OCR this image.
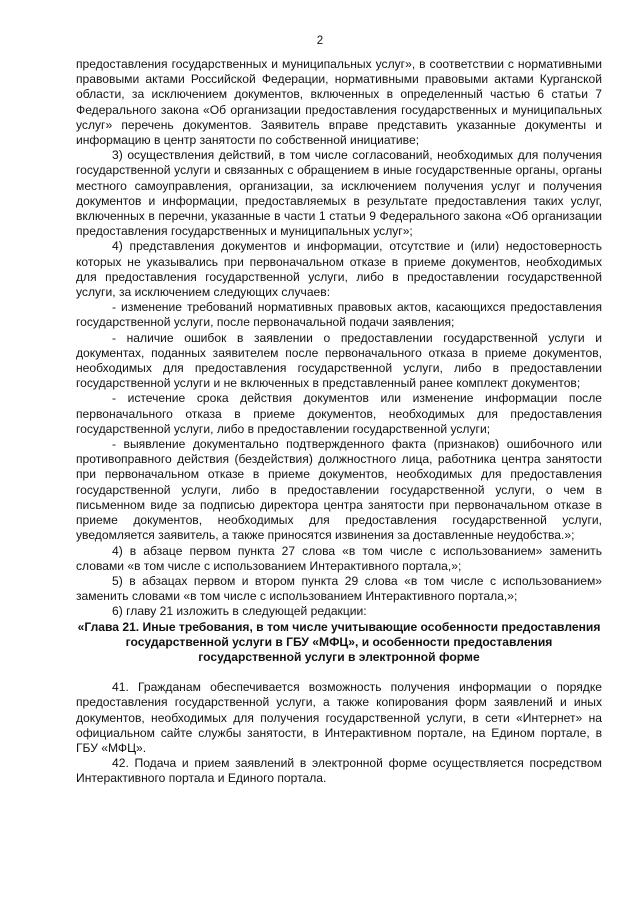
2

предоставления государственных и муниципальных услуг», в соответствии с нормативными правовыми актами Российской Федерации, нормативными правовыми актами Курганской области, за исключением документов, включенных в определенный частью 6 статьи 7 Федерального закона «Об организации предоставления государственных и муниципальных услуг» перечень документов. Заявитель вправе представить указанные документы и информацию в центр занятости по собственной инициативе;

3) осуществления действий, в том числе согласований, необходимых для получения государственной услуги и связанных с обращением в иные государственные органы, органы местного самоуправления, организации, за исключением получения услуг и получения документов и информации, предоставляемых в результате предоставления таких услуг, включенных в перечни, указанные в части 1 статьи 9 Федерального закона «Об организации предоставления государственных и муниципальных услуг»;

4) представления документов и информации, отсутствие и (или) недостоверность которых не указывались при первоначальном отказе в приеме документов, необходимых для предоставления государственной услуги, либо в предоставлении государственной услуги, за исключением следующих случаев:

- изменение требований нормативных правовых актов, касающихся предоставления государственной услуги, после первоначальной подачи заявления;

- наличие ошибок в заявлении о предоставлении государственной услуги и документах, поданных заявителем после первоначального отказа в приеме документов, необходимых для предоставления государственной услуги, либо в предоставлении государственной услуги и не включенных в представленный ранее комплект документов;

- истечение срока действия документов или изменение информации после первоначального отказа в приеме документов, необходимых для предоставления государственной услуги, либо в предоставлении государственной услуги;

- выявление документально подтвержденного факта (признаков) ошибочного или противоправного действия (бездействия) должностного лица, работника центра занятости при первоначальном отказе в приеме документов, необходимых для предоставления государственной услуги, либо в предоставлении государственной услуги, о чем в письменном виде за подписью директора центра занятости при первоначальном отказе в приеме документов, необходимых для предоставления государственной услуги, уведомляется заявитель, а также приносятся извинения за доставленные неудобства.»;

4) в абзаце первом пункта 27 слова «в том числе с использованием» заменить словами «в том числе с использованием Интерактивного портала,»;

5) в абзацах первом и втором пункта 29 слова «в том числе с использованием» заменить словами «в том числе с использованием Интерактивного портала,»;

6) главу 21 изложить в следующей редакции:

«Глава 21. Иные требования, в том числе учитывающие особенности предоставления государственной услуги в ГБУ «МФЦ», и особенности предоставления государственной услуги в электронной форме

41. Гражданам обеспечивается возможность получения информации о порядке предоставления государственной услуги, а также копирования форм заявлений и иных документов, необходимых для получения государственной услуги, в сети «Интернет» на официальном сайте службы занятости, в Интерактивном портале, на Едином портале, в ГБУ «МФЦ».

42. Подача и прием заявлений в электронной форме осуществляется посредством Интерактивного портала и Единого портала.
